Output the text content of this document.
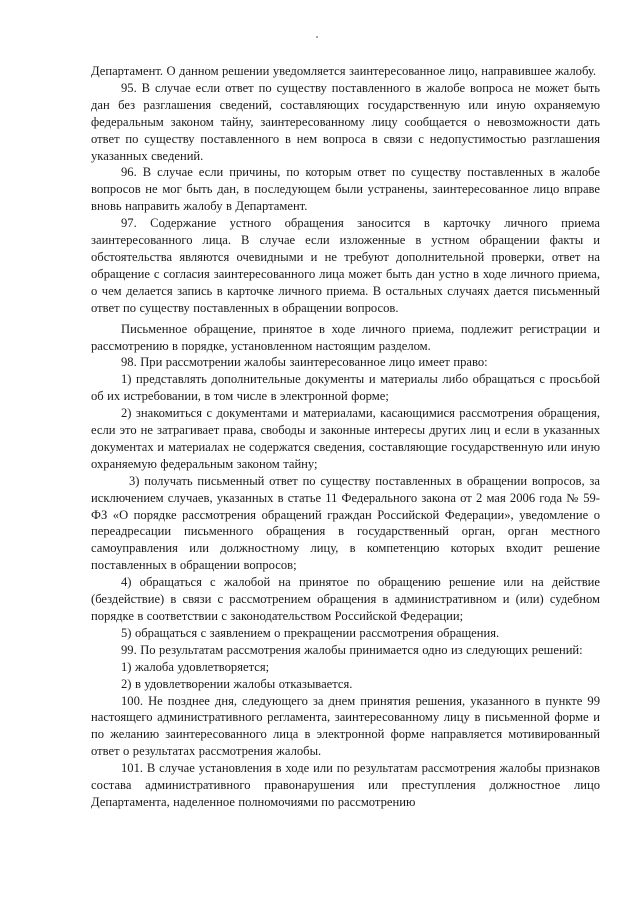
Департамент. О данном решении уведомляется заинтересованное лицо, направившее жалобу.

95. В случае если ответ по существу поставленного в жалобе вопроса не может быть дан без разглашения сведений, составляющих государственную или иную охраняемую федеральным законом тайну, заинтересованному лицу сообщается о невозможности дать ответ по существу поставленного в нем вопроса в связи с недопустимостью разглашения указанных сведений.

96. В случае если причины, по которым ответ по существу поставленных в жалобе вопросов не мог быть дан, в последующем были устранены, заинтересованное лицо вправе вновь направить жалобу в Департамент.

97. Содержание устного обращения заносится в карточку личного приема заинтересованного лица. В случае если изложенные в устном обращении факты и обстоятельства являются очевидными и не требуют дополнительной проверки, ответ на обращение с согласия заинтересованного лица может быть дан устно в ходе личного приема, о чем делается запись в карточке личного приема. В остальных случаях дается письменный ответ по существу поставленных в обращении вопросов.

Письменное обращение, принятое в ходе личного приема, подлежит регистрации и рассмотрению в порядке, установленном настоящим разделом.

98. При рассмотрении жалобы заинтересованное лицо имеет право:

1) представлять дополнительные документы и материалы либо обращаться с просьбой об их истребовании, в том числе в электронной форме;

2) знакомиться с документами и материалами, касающимися рассмотрения обращения, если это не затрагивает права, свободы и законные интересы других лиц и если в указанных документах и материалах не содержатся сведения, составляющие государственную или иную охраняемую федеральным законом тайну;

3) получать письменный ответ по существу поставленных в обращении вопросов, за исключением случаев, указанных в статье 11 Федерального закона от 2 мая 2006 года № 59-ФЗ «О порядке рассмотрения обращений граждан Российской Федерации», уведомление о переадресации письменного обращения в государственный орган, орган местного самоуправления или должностному лицу, в компетенцию которых входит решение поставленных в обращении вопросов;

4) обращаться с жалобой на принятое по обращению решение или на действие (бездействие) в связи с рассмотрением обращения в административном и (или) судебном порядке в соответствии с законодательством Российской Федерации;

5) обращаться с заявлением о прекращении рассмотрения обращения.

99. По результатам рассмотрения жалобы принимается одно из следующих решений:

1) жалоба удовлетворяется;

2) в удовлетворении жалобы отказывается.

100. Не позднее дня, следующего за днем принятия решения, указанного в пункте 99 настоящего административного регламента, заинтересованному лицу в письменной форме и по желанию заинтересованного лица в электронной форме направляется мотивированный ответ о результатах рассмотрения жалобы.

101. В случае установления в ходе или по результатам рассмотрения жалобы признаков состава административного правонарушения или преступления должностное лицо Департамента, наделенное полномочиями по рассмотрению
